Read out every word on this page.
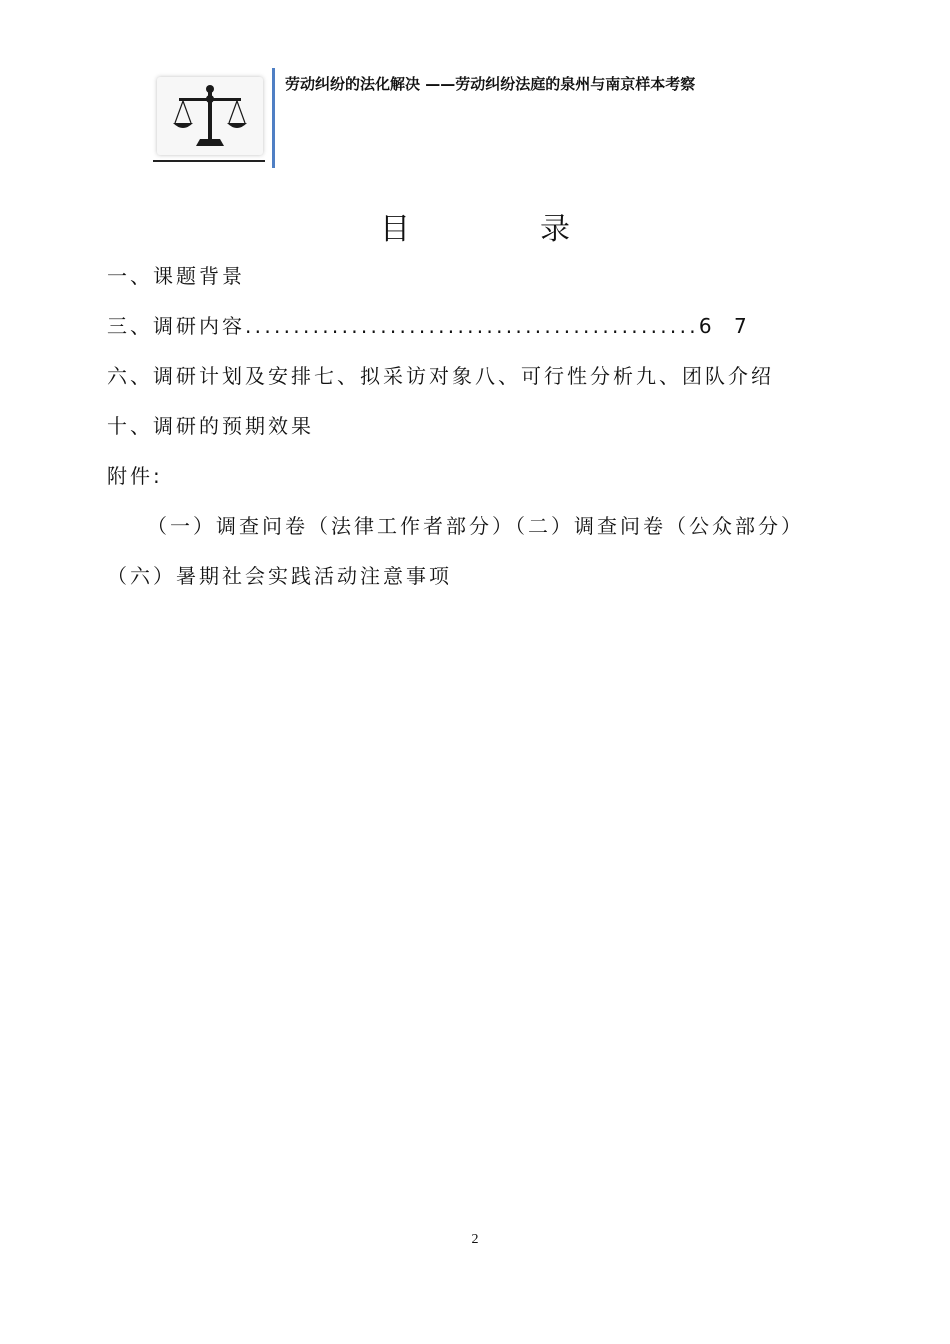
劳动纠纷的法化解决 ——劳动纠纷法庭的泉州与南京样本考察
目	录
一、课题背景
三、调研内容...............................................6 7
六、调研计划及安排七、拟采访对象八、可行性分析九、团队介绍
十、调研的预期效果
附件:
（一）调查问卷（法律工作者部分）（二）调查问卷（公众部分）
（六）暑期社会实践活动注意事项
2
